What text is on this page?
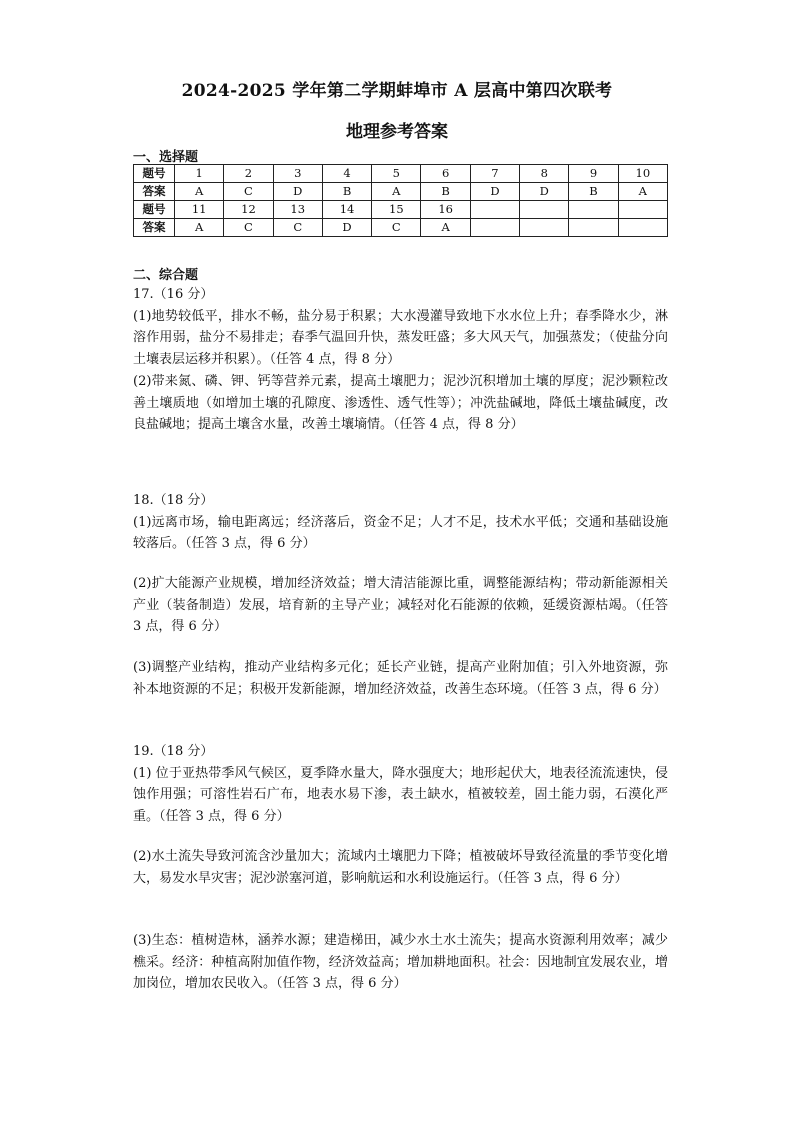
2024-2025 学年第二学期蚌埠市 A 层高中第四次联考
地理参考答案
一、选择题
题号	1	2	3	4	5	6	7	8	9	10
答案	A	C	D	B	A	B	D	D	B	A
题号	11	12	13	14	15	16				
答案	A	C	C	D	C	A				
二、综合题

17.（16 分）

(1)地势较低平，排水不畅，盐分易于积累；大水漫灌导致地下水水位上升；春季降水少，淋溶作用弱，盐分不易排走；春季气温回升快，蒸发旺盛；多大风天气，加强蒸发；（使盐分向土壤表层运移并积累）。（任答 4 点，得 8 分）

(2)带来氮、磷、钾、钙等营养元素，提高土壤肥力；泥沙沉积增加土壤的厚度；泥沙颗粒改善土壤质地（如增加土壤的孔隙度、渗透性、透气性等）；冲洗盐碱地，降低土壤盐碱度，改良盐碱地；提高土壤含水量，改善土壤墒情。（任答 4 点，得 8 分）

18.（18 分）

(1)远离市场，输电距离远；经济落后，资金不足；人才不足，技术水平低；交通和基础设施较落后。（任答 3 点，得 6 分）

(2)扩大能源产业规模，增加经济效益；增大清洁能源比重，调整能源结构；带动新能源相关产业（装备制造）发展，培育新的主导产业；减轻对化石能源的依赖，延缓资源枯竭。（任答 3 点，得 6 分）

(3)调整产业结构，推动产业结构多元化；延长产业链，提高产业附加值；引入外地资源，弥补本地资源的不足；积极开发新能源，增加经济效益，改善生态环境。（任答 3 点，得 6 分）

19.（18 分）

(1) 位于亚热带季风气候区，夏季降水量大，降水强度大；地形起伏大，地表径流流速快，侵蚀作用强；可溶性岩石广布，地表水易下渗，表土缺水，植被较差，固土能力弱，石漠化严重。（任答 3 点，得 6 分）

(2)水土流失导致河流含沙量加大；流域内土壤肥力下降；植被破坏导致径流量的季节变化增大，易发水旱灾害；泥沙淤塞河道，影响航运和水利设施运行。（任答 3 点，得 6 分）

(3)生态：植树造林，涵养水源；建造梯田，减少水土水土流失；提高水资源利用效率；减少樵采。经济：种植高附加值作物，经济效益高；增加耕地面积。社会：因地制宜发展农业，增加岗位，增加农民收入。（任答 3 点，得 6 分）
